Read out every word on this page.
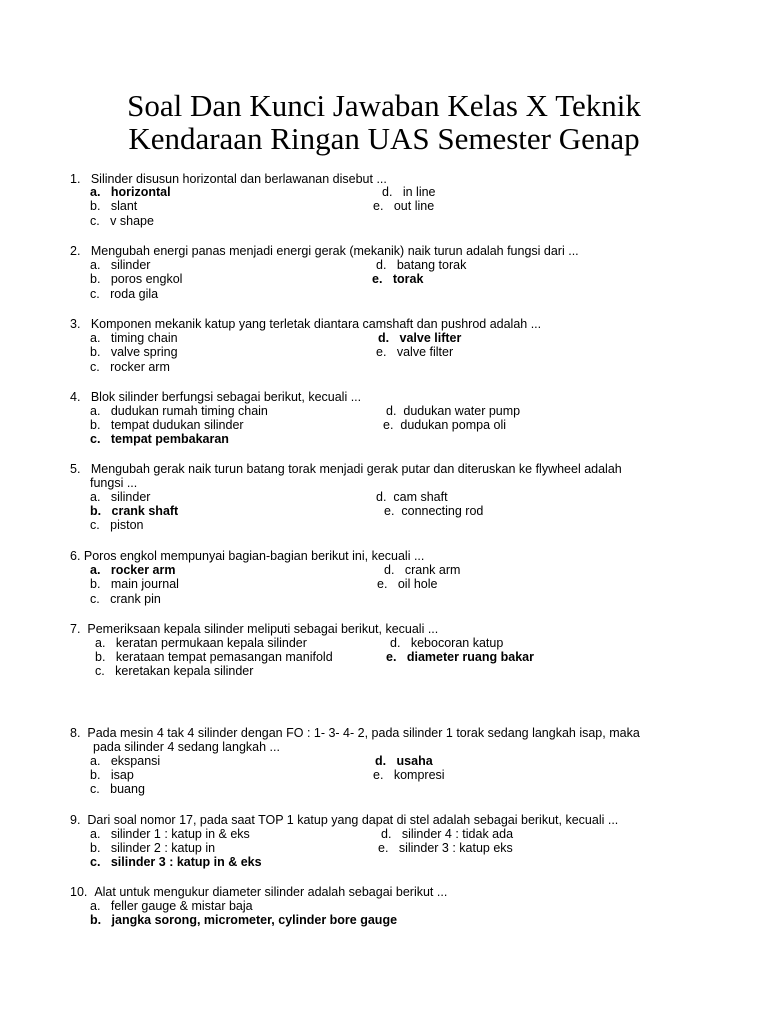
Soal Dan Kunci Jawaban Kelas X Teknik
Kendaraan Ringan UAS Semester Genap
1.   Silinder disusun horizontal dan berlawanan disebut ...
a.   horizontal
b.   slant
c.   v shape
d.   in line
e.   out line
2.   Mengubah energi panas menjadi energi gerak (mekanik) naik turun adalah fungsi dari ...
a.   silinder
b.   poros engkol
c.   roda gila
d.   batang torak
e.   torak
3.   Komponen mekanik katup yang terletak diantara camshaft dan pushrod adalah ...
a.   timing chain
b.   valve spring
c.   rocker arm
d.   valve lifter
e.   valve filter
4.   Blok silinder berfungsi sebagai berikut, kecuali ...
a.   dudukan rumah timing chain
b.   tempat dudukan silinder
c.   tempat pembakaran
d.  dudukan water pump
e.  dudukan pompa oli
5.   Mengubah gerak naik turun batang torak menjadi gerak putar dan diteruskan ke flywheel adalah
fungsi ...
a.   silinder
b.   crank shaft
c.   piston
d.  cam shaft
e.  connecting rod
6. Poros engkol mempunyai bagian-bagian berikut ini, kecuali ...
a.   rocker arm
b.   main journal
c.   crank pin
d.   crank arm
e.   oil hole
7.  Pemeriksaan kepala silinder meliputi sebagai berikut, kecuali ...
a.   keratan permukaan kepala silinder
b.   kerataan tempat pemasangan manifold
c.   keretakan kepala silinder
d.   kebocoran katup
e.   diameter ruang bakar
8.  Pada mesin 4 tak 4 silinder dengan FO : 1- 3- 4- 2, pada silinder 1 torak sedang langkah isap, maka
pada silinder 4 sedang langkah ...
a.   ekspansi
b.   isap
c.   buang
d.   usaha
e.   kompresi
9.  Dari soal nomor 17, pada saat TOP 1 katup yang dapat di stel adalah sebagai berikut, kecuali ...
a.   silinder 1 : katup in & eks
b.   silinder 2 : katup in
c.   silinder 3 : katup in & eks
d.   silinder 4 : tidak ada
e.   silinder 3 : katup eks
10.  Alat untuk mengukur diameter silinder adalah sebagai berikut ...
a.   feller gauge & mistar baja
b.   jangka sorong, micrometer, cylinder bore gauge
